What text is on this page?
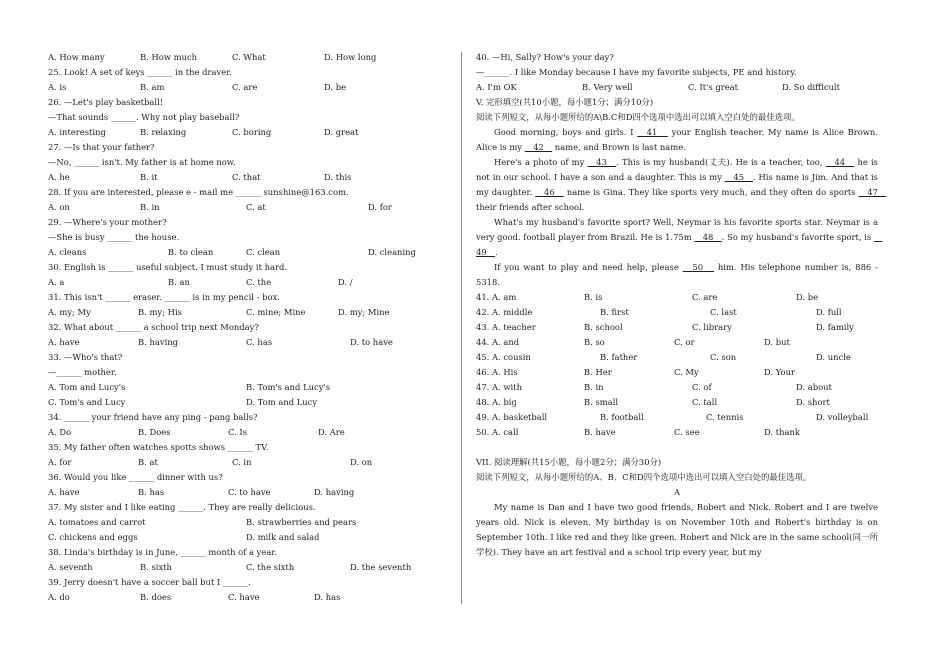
A. How many	B. How much	C. What	D. How long
25. Look! A set of keys ______ in the draver.
A. is	B. am	C. are	D. be
26. —Let's play basketball!
—That sounds ______. Why not play baseball?
A. interesting	B. relaxing	C. boring	D. great
27. —Is that your father?
—No, ______ isn't. My father is at home now.
A. he	B. it	C. that	D. this
28. If you are interested, please e - mail me ______ sunshine@163.com.
A. on	B. in	C. at	D. for
29. —Where's your mother?
—She is busy ______ the house.
A. cleans	B. to clean	C. clean	D. cleaning
30. English is ______ useful subject. I must study it hard.
A. a	B. an	C. the	D. /
31. This isn't ______ eraser. ______ is in my pencil - box.
A. my; My	B. my; His	C. mine; Mine	D. my; Mine
32. What about ______ a school trip next Monday?
A. have	B. having	C. has	D. to have
33. —Who's that?
—______ mother.
A. Tom and Lucy's	B. Tom's and Lucy's
C. Tom's and Lucy	D. Tom and Lucy
34. ______ your friend have any ping - pang balls?
A. Do	B. Does	C. Is	D. Are
35. My father often watches spotts shows ______ TV.
A. for	B. at	C. in	D. on
36. Would you like ______ dinner with us?
A. have	B. has	C. to have	D. having
37. My sister and I like eating ______. They are really delicious.
A. tomatoes and carrot	B. strawberries and pears
C. chickens and eggs	D. milk and salad
38. Linda's birthday is in June, ______ month of a year.
A. seventh	B. sixth	C. the sixth	D. the seventh
39. Jerry doesn't have a soccer ball but I ______.
A. do	B. does	C. have	D. has
40. —Hi, Sally? How's your day?
—______. I like Monday because I have my favorite subjects, PE and history.
A. I'm OK	B. Very well	C. It's great	D. So difficult
V. 完形填空(共10小题，每小题1分；满分10分)
阅读下列短文，从每小题所给的A\B.C和D四个选项中选出可以填入空白处的最佳选项。

Good morning, boys and girls. I 　41　 your English teacher. My name is Alice Brown. Alice is my 　42　 name, and Brown is last name.

Here's a photo of my 　43　. This is my husband(丈夫). He is a teacher, too, 　44　 he is not in our school. I have a son and a daughter. This is my 　45　. His name is Jim. And that is my daughter. 　46　 name is Gina. They like sports very much, and they often do sports 　47　 their friends after school.

What's my husband's favorite sport? Well, Neymar is his favorite sports star. Neymar is a very good. football player from Brazil. He is 1.75m 　48　. So my husband's favorite sport, is 　49　.

If you want to play and need help, please 　50　 him. His telephone number is, 886 - 5318.

41. A. am	B. is	C. are	D. be
42. A. middle	B. first	C. last	D. full
43. A. teacher	B. school	C. library	D. family
44. A. and	B. so	C. or	D. but
45. A. cousin	B. father	C. son	D. uncle
46. A. His	B. Her	C. My	D. Your
47. A. with	B. in	C. of	D. about
48. A. big	B. small	C. tall	D. short
49. A. basketball	B. football	C. tennis	D. volleyball
50. A. call	B. have	C. see	D. thank
VII. 阅读理解(共15小题，每小题2分；满分30分)
阅读下列短文，从每小题所给的A、B、C和D四个选项中选出可以填入空白处的最佳选项。
A

My name is Dan and I have two good friends, Robert and Nick. Robert and I are twelve years old. Nick is eleven. My birthday is on November 10th and Robert's birthday is on September 10th. I like red and they like green. Robert and Nick are in the same school(同一所学校). They have an art festival and a school trip every year, but my
